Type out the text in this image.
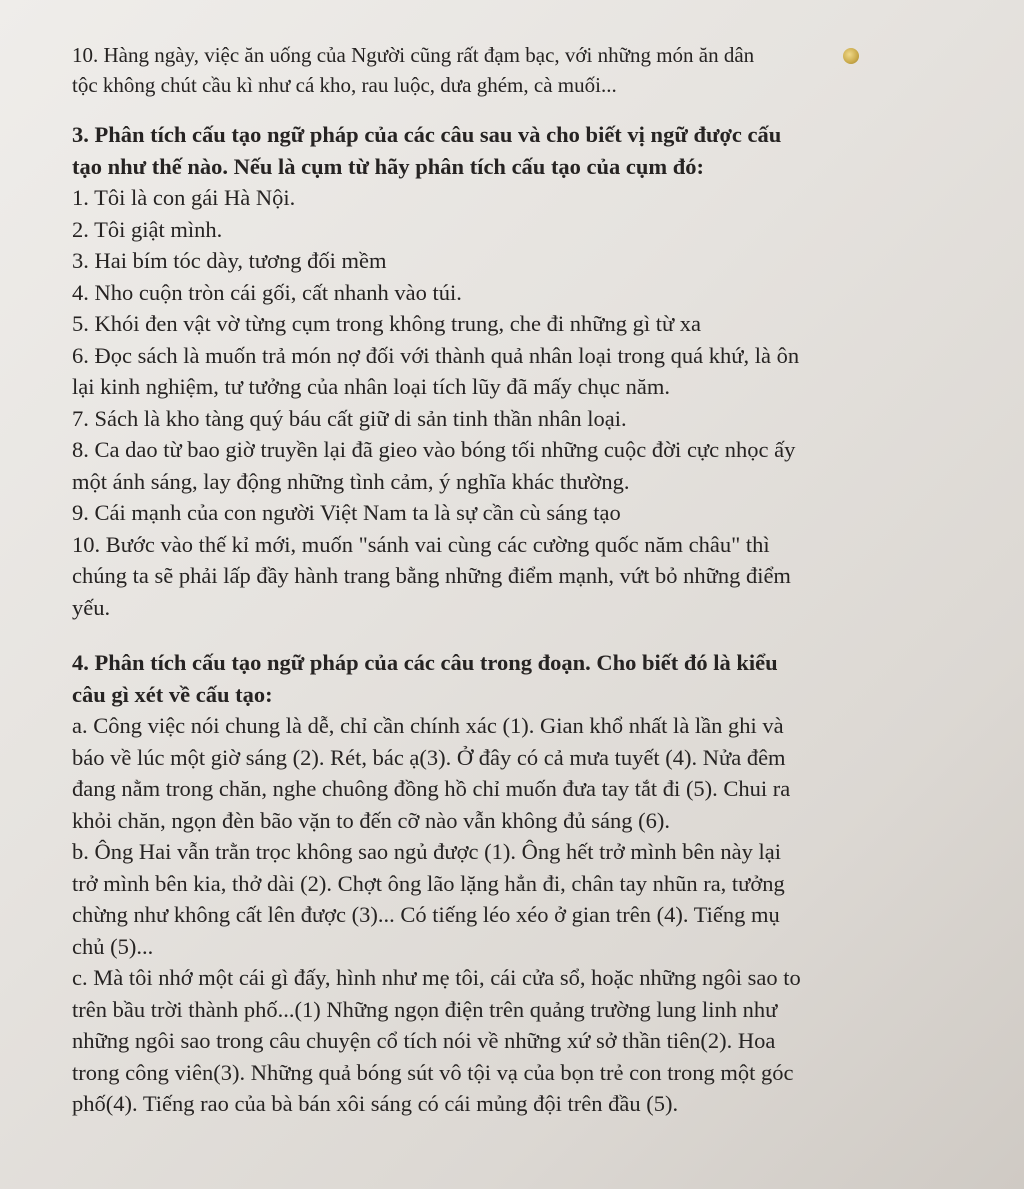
10. Hàng ngày, việc ăn uống của Người cũng rất đạm bạc, với những món ăn dân
tộc không chút cầu kì như cá kho, rau luộc, dưa ghém, cà muối...
3. Phân tích cấu tạo ngữ pháp của các câu sau và cho biết vị ngữ được cấu
tạo như thế nào. Nếu là cụm từ hãy phân tích cấu tạo của cụm đó:
1. Tôi là con gái Hà Nội.
2. Tôi giật mình.
3. Hai bím tóc dày, tương đối mềm
4. Nho cuộn tròn cái gối, cất nhanh vào túi.
5. Khói đen vật vờ từng cụm trong không trung, che đi những gì từ xa
6. Đọc sách là muốn trả món nợ đối với thành quả nhân loại trong quá khứ, là ôn
lại kinh nghiệm, tư tưởng của nhân loại tích lũy đã mấy chục năm.
7. Sách là kho tàng quý báu cất giữ di sản tinh thần nhân loại.
8. Ca dao từ bao giờ truyền lại đã gieo vào bóng tối những cuộc đời cực nhọc ấy
một ánh sáng, lay động những tình cảm, ý nghĩa khác thường.
9. Cái mạnh của con người Việt Nam ta là sự cần cù sáng tạo
10. Bước vào thế kỉ mới, muốn "sánh vai cùng các cường quốc năm châu" thì
chúng ta sẽ phải lấp đầy hành trang bằng những điểm mạnh, vứt bỏ những điểm
yếu.
4. Phân tích cấu tạo ngữ pháp của các câu trong đoạn. Cho biết đó là kiểu
câu gì xét về cấu tạo:
a. Công việc nói chung là dễ, chỉ cần chính xác (1). Gian khổ nhất là lần ghi và
báo về lúc một giờ sáng (2). Rét, bác ạ(3). Ở đây có cả mưa tuyết (4). Nửa đêm
đang nằm trong chăn, nghe chuông đồng hồ chỉ muốn đưa tay tắt đi (5). Chui ra
khỏi chăn, ngọn đèn bão vặn to đến cỡ nào vẫn không đủ sáng (6).
b. Ông Hai vẫn trằn trọc không sao ngủ được (1). Ông hết trở mình bên này lại
trở mình bên kia, thở dài (2). Chợt ông lão lặng hẳn đi, chân tay nhũn ra, tưởng
chừng như không cất lên được (3)... Có tiếng léo xéo ở gian trên (4). Tiếng mụ
chủ (5)...
c. Mà tôi nhớ một cái gì đấy, hình như mẹ tôi, cái cửa sổ, hoặc những ngôi sao to
trên bầu trời thành phố...(1) Những ngọn điện trên quảng trường lung linh như
những ngôi sao trong câu chuyện cổ tích nói về những xứ sở thần tiên(2). Hoa
trong công viên(3). Những quả bóng sút vô tội vạ của bọn trẻ con trong một góc
phố(4). Tiếng rao của bà bán xôi sáng có cái mủng đội trên đầu (5).
